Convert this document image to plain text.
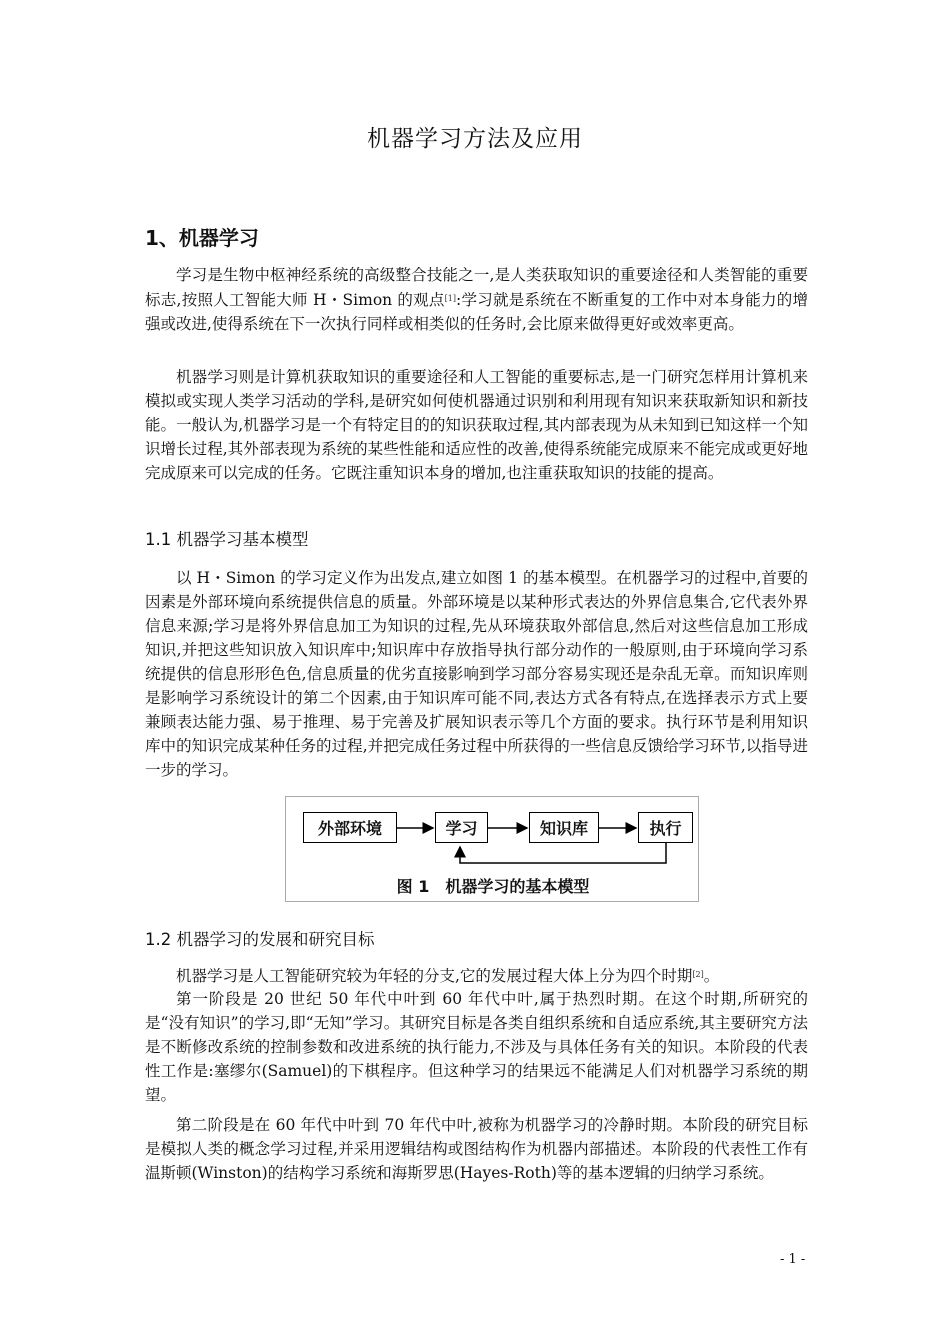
机器学习方法及应用
1、机器学习

学习是生物中枢神经系统的高级整合技能之一,是人类获取知识的重要途径和人类智能的重要标志,按照人工智能大师 H・Simon 的观点[1]:学习就是系统在不断重复的工作中对本身能力的增强或改进,使得系统在下一次执行同样或相类似的任务时,会比原来做得更好或效率更高。

机器学习则是计算机获取知识的重要途径和人工智能的重要标志,是一门研究怎样用计算机来模拟或实现人类学习活动的学科,是研究如何使机器通过识别和利用现有知识来获取新知识和新技能。一般认为,机器学习是一个有特定目的的知识获取过程,其内部表现为从未知到已知这样一个知识增长过程,其外部表现为系统的某些性能和适应性的改善,使得系统能完成原来不能完成或更好地完成原来可以完成的任务。它既注重知识本身的增加,也注重获取知识的技能的提高。

1.1 机器学习基本模型

以 H・Simon 的学习定义作为出发点,建立如图 1 的基本模型。在机器学习的过程中,首要的因素是外部环境向系统提供信息的质量。外部环境是以某种形式表达的外界信息集合,它代表外界信息来源;学习是将外界信息加工为知识的过程,先从环境获取外部信息,然后对这些信息加工形成知识,并把这些知识放入知识库中;知识库中存放指导执行部分动作的一般原则,由于环境向学习系统提供的信息形形色色,信息质量的优劣直接影响到学习部分容易实现还是杂乱无章。而知识库则是影响学习系统设计的第二个因素,由于知识库可能不同,表达方式各有特点,在选择表示方式上要兼顾表达能力强、易于推理、易于完善及扩展知识表示等几个方面的要求。执行环节是利用知识库中的知识完成某种任务的过程,并把完成任务过程中所获得的一些信息反馈给学习环节,以指导进一步的学习。

外部环境	学习	知识库	执行
图 1　机器学习的基本模型
1.2 机器学习的发展和研究目标

机器学习是人工智能研究较为年轻的分支,它的发展过程大体上分为四个时期[2]。

第一阶段是 20 世纪 50 年代中叶到 60 年代中叶,属于热烈时期。在这个时期,所研究的是“没有知识”的学习,即“无知”学习。其研究目标是各类自组织系统和自适应系统,其主要研究方法是不断修改系统的控制参数和改进系统的执行能力,不涉及与具体任务有关的知识。本阶段的代表性工作是:塞缪尔(Samuel)的下棋程序。但这种学习的结果远不能满足人们对机器学习系统的期望。

第二阶段是在 60 年代中叶到 70 年代中叶,被称为机器学习的冷静时期。本阶段的研究目标是模拟人类的概念学习过程,并采用逻辑结构或图结构作为机器内部描述。本阶段的代表性工作有温斯顿(Winston)的结构学习系统和海斯罗思(Hayes-Roth)等的基本逻辑的归纳学习系统。

- 1 -
